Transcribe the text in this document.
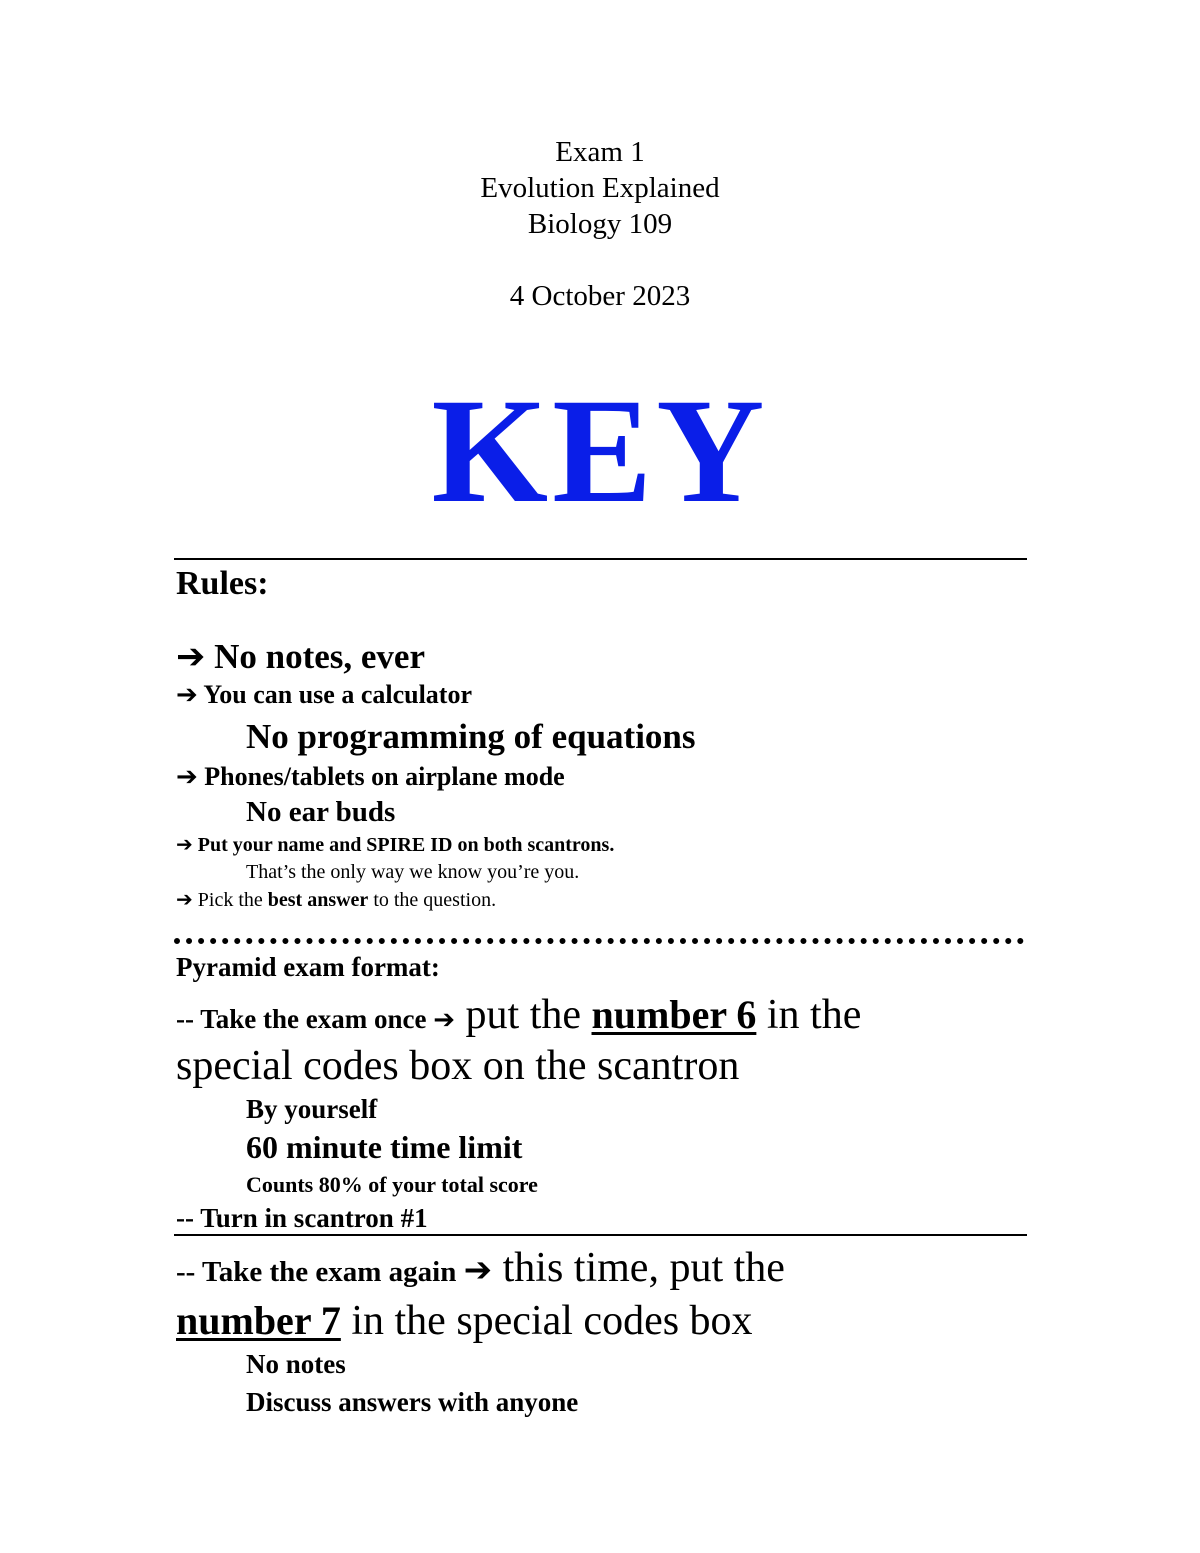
Exam 1
Evolution Explained
Biology 109
4 October 2023
KEY
Rules:
➔ No notes, ever
➔ You can use a calculator
No programming of equations
➔ Phones/tablets on airplane mode
No ear buds
➔ Put your name and SPIRE ID on both scantrons.
That’s the only way we know you’re you.
➔ Pick the best answer to the question.
Pyramid exam format:
-- Take the exam once ➔ put the number 6 in the
special codes box on the scantron
By yourself
60 minute time limit
Counts 80% of your total score
-- Turn in scantron #1
-- Take the exam again ➔ this time, put the
number 7 in the special codes box
No notes
Discuss answers with anyone
